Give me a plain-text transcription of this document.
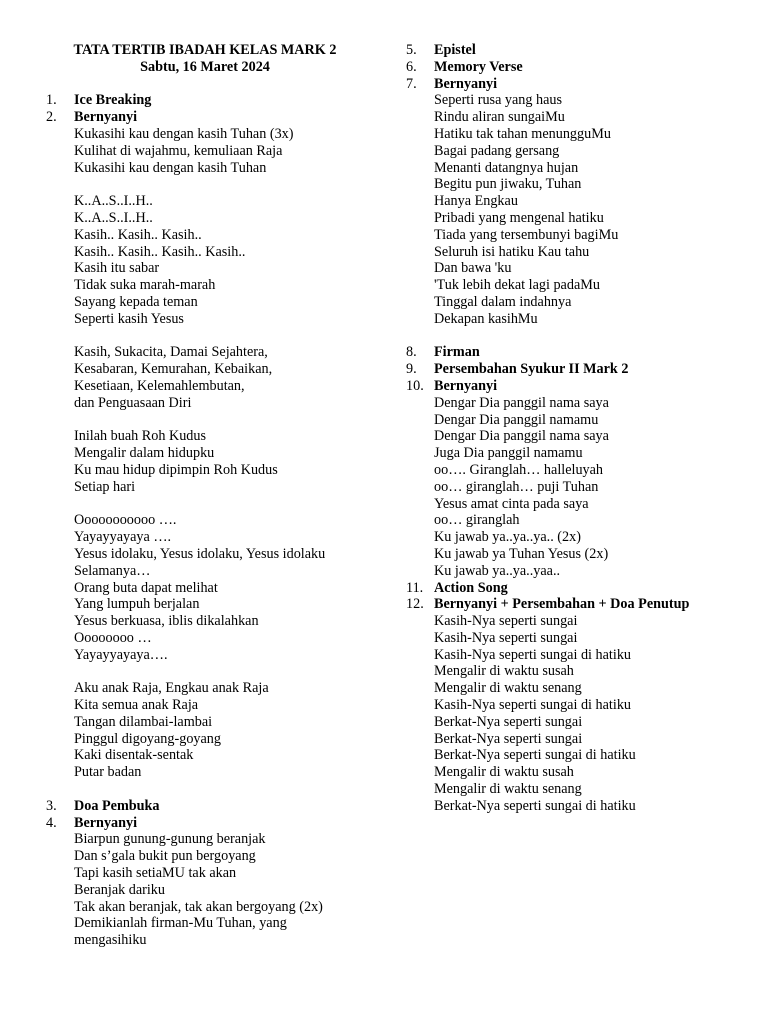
TATA TERTIB IBADAH KELAS MARK 2
Sabtu, 16 Maret 2024
1. Ice Breaking
2. Bernyanyi
Kukasihi kau dengan kasih Tuhan (3x)
Kulihat di wajahmu, kemuliaan Raja
Kukasihi kau dengan kasih Tuhan
K..A..S..I..H..
K..A..S..I..H..
Kasih.. Kasih.. Kasih..
Kasih.. Kasih.. Kasih.. Kasih..
Kasih itu sabar
Tidak suka marah-marah
Sayang kepada teman
Seperti kasih Yesus
Kasih, Sukacita, Damai Sejahtera,
Kesabaran, Kemurahan, Kebaikan,
Kesetiaan, Kelemahlembutan,
dan Penguasaan Diri
Inilah buah Roh Kudus
Mengalir dalam hidupku
Ku mau hidup dipimpin Roh Kudus
Setiap hari
Ooooooooooo ….
Yayayyayaya ….
Yesus idolaku, Yesus idolaku, Yesus idolaku
Selamanya…
Orang buta dapat melihat
Yang lumpuh berjalan
Yesus berkuasa, iblis dikalahkan
Oooooooo …
Yayayyayaya….
Aku anak Raja, Engkau anak Raja
Kita semua anak Raja
Tangan dilambai-lambai
Pinggul digoyang-goyang
Kaki disentak-sentak
Putar badan
3. Doa Pembuka
4. Bernyanyi
Biarpun gunung-gunung beranjak
Dan s’gala bukit pun bergoyang
Tapi kasih setiaMU tak akan
Beranjak dariku
Tak akan beranjak, tak akan bergoyang (2x)
Demikianlah firman-Mu Tuhan, yang
mengasihiku
5. Epistel
6. Memory Verse
7. Bernyanyi
Seperti rusa yang haus
Rindu aliran sungaiMu
Hatiku tak tahan menungguMu
Bagai padang gersang
Menanti datangnya hujan
Begitu pun jiwaku, Tuhan
Hanya Engkau
Pribadi yang mengenal hatiku
Tiada yang tersembunyi bagiMu
Seluruh isi hatiku Kau tahu
Dan bawa 'ku
'Tuk lebih dekat lagi padaMu
Tinggal dalam indahnya
Dekapan kasihMu
8. Firman
9. Persembahan Syukur II Mark 2
10. Bernyanyi
Dengar Dia panggil nama saya
Dengar Dia panggil namamu
Dengar Dia panggil nama saya
Juga Dia panggil namamu
oo…. Giranglah… halleluyah
oo… giranglah… puji Tuhan
Yesus amat cinta pada saya
oo… giranglah
Ku jawab ya..ya..ya.. (2x)
Ku jawab ya Tuhan Yesus (2x)
Ku jawab ya..ya..yaa..
11. Action Song
12. Bernyanyi + Persembahan + Doa Penutup
Kasih-Nya seperti sungai
Kasih-Nya seperti sungai
Kasih-Nya seperti sungai di hatiku
Mengalir di waktu susah
Mengalir di waktu senang
Kasih-Nya seperti sungai di hatiku
Berkat-Nya seperti sungai
Berkat-Nya seperti sungai
Berkat-Nya seperti sungai di hatiku
Mengalir di waktu susah
Mengalir di waktu senang
Berkat-Nya seperti sungai di hatiku
